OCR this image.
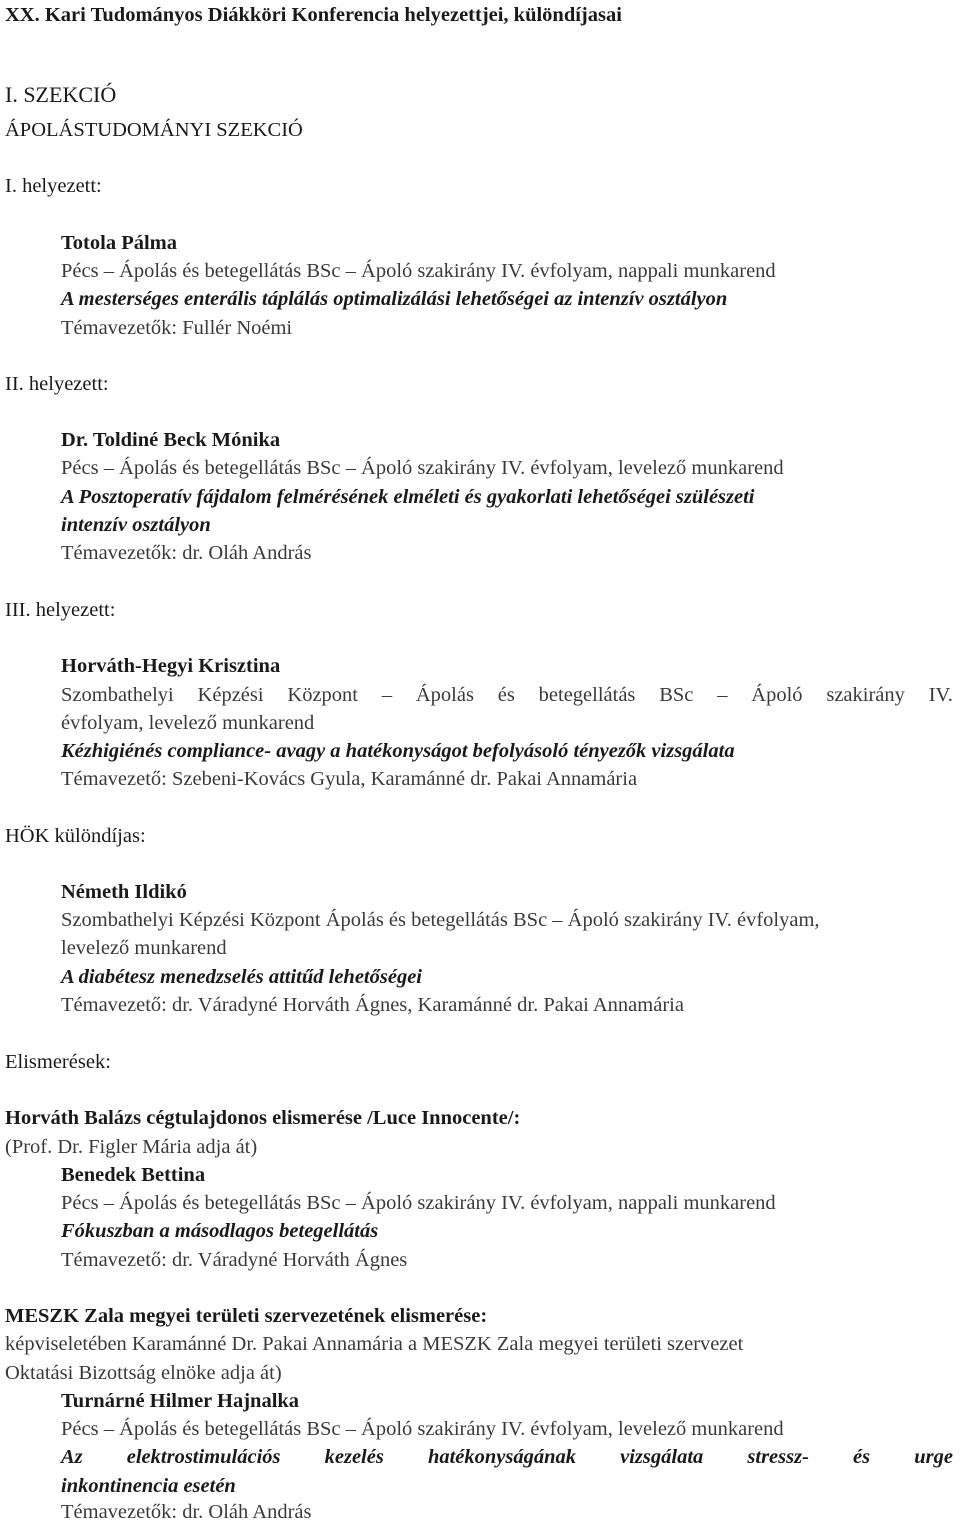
XX. Kari Tudományos Diákköri Konferencia helyezettjei, különdíjasai
I. SZEKCIÓ
ÁPOLÁSTUDOMÁNYI SZEKCIÓ
I. helyezett:
Totola Pálma
Pécs – Ápolás és betegellátás BSc – Ápoló szakirány IV. évfolyam, nappali munkarend
A mesterséges enterális táplálás optimalizálási lehetőségei az intenzív osztályon
Témavezetők: Fullér Noémi
II. helyezett:
Dr. Toldiné Beck Mónika
Pécs – Ápolás és betegellátás BSc – Ápoló szakirány IV. évfolyam, levelező munkarend
A Posztoperatív fájdalom felmérésének elméleti és gyakorlati lehetőségei szülészeti
intenzív osztályon
Témavezetők: dr. Oláh András
III. helyezett:
Horváth-Hegyi Krisztina
Szombathelyi Képzési Központ – Ápolás és betegellátás BSc – Ápoló szakirány IV.
évfolyam, levelező munkarend
Kézhigiénés compliance- avagy a hatékonyságot befolyásoló tényezők vizsgálata
Témavezető: Szebeni-Kovács Gyula, Karamánné dr. Pakai Annamária
HÖK különdíjas:
Németh Ildikó
Szombathelyi Képzési Központ Ápolás és betegellátás BSc – Ápoló szakirány IV. évfolyam,
levelező munkarend
A diabétesz menedzselés attitűd lehetőségei
Témavezető: dr. Váradyné Horváth Ágnes, Karamánné dr. Pakai Annamária
Elismerések:
Horváth Balázs cégtulajdonos elismerése /Luce Innocente/:
(Prof. Dr. Figler Mária adja át)
Benedek Bettina
Pécs – Ápolás és betegellátás BSc – Ápoló szakirány IV. évfolyam, nappali munkarend
Fókuszban a másodlagos betegellátás
Témavezető: dr. Váradyné Horváth Ágnes
MESZK Zala megyei területi szervezetének elismerése:
képviseletében Karamánné Dr. Pakai Annamária a MESZK Zala megyei területi szervezet
Oktatási Bizottság elnöke adja át)
Turnárné Hilmer Hajnalka
Pécs – Ápolás és betegellátás BSc – Ápoló szakirány IV. évfolyam, levelező munkarend
Az elektrostimulációs kezelés hatékonyságának vizsgálata stressz- és urge
inkontinencia esetén
Témavezetők: dr. Oláh András
